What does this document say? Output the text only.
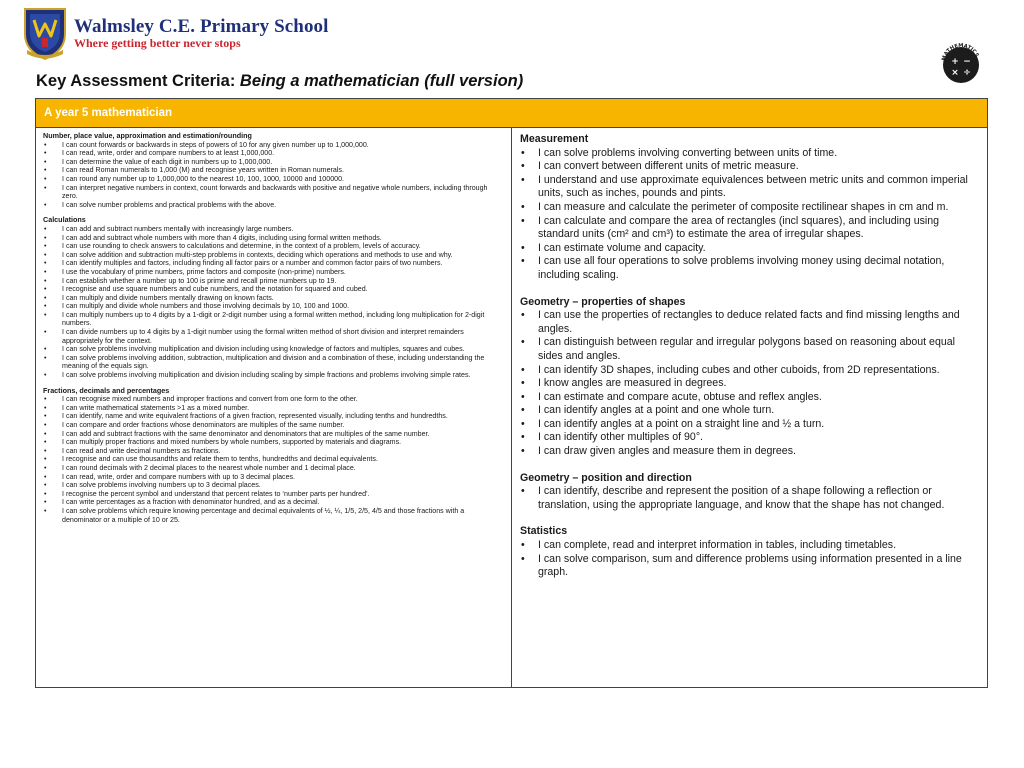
Walmsley C.E. Primary School
Where getting better never stops
MATHEMATICS
+ −
× ÷
Key Assessment Criteria: Being a mathematician (full version)
A year 5 mathematician
Number, place value, approximation and estimation/rounding
• I can count forwards or backwards in steps of powers of 10 for any given number up to 1,000,000.
• I can read, write, order and compare numbers to at least 1,000,000.
• I can determine the value of each digit in numbers up to 1,000,000.
• I can read Roman numerals to 1,000 (M) and recognise years written in Roman numerals.
• I can round any number up to 1,000,000 to the nearest 10, 100, 1000, 10000 and 100000.
• I can interpret negative numbers in context, count forwards and backwards with positive and negative whole numbers, including through zero.
• I can solve number problems and practical problems with the above.
Calculations
• I can add and subtract numbers mentally with increasingly large numbers.
• I can add and subtract whole numbers with more than 4 digits, including using formal written methods.
• I can use rounding to check answers to calculations and determine, in the context of a problem, levels of accuracy.
• I can solve addition and subtraction multi-step problems in contexts, deciding which operations and methods to use and why.
• I can identify multiples and factors, including finding all factor pairs or a number and common factor pairs of two numbers.
• I use the vocabulary of prime numbers, prime factors and composite (non-prime) numbers.
• I can establish whether a number up to 100 is prime and recall prime numbers up to 19.
• I recognise and use square numbers and cube numbers, and the notation for squared and cubed.
• I can multiply and divide numbers mentally drawing on known facts.
• I can multiply and divide whole numbers and those involving decimals by 10, 100 and 1000.
• I can multiply numbers up to 4 digits by a 1-digit or 2-digit number using a formal written method, including long multiplication for 2-digit numbers.
• I can divide numbers up to 4 digits by a 1-digit number using the formal written method of short division and interpret remainders appropriately for the context.
• I can solve problems involving multiplication and division including using knowledge of factors and multiples, squares and cubes.
• I can solve problems involving addition, subtraction, multiplication and division and a combination of these, including understanding the meaning of the equals sign.
• I can solve problems involving multiplication and division including scaling by simple fractions and problems involving simple rates.
Fractions, decimals and percentages
• I can recognise mixed numbers and improper fractions and convert from one form to the other.
• I can write mathematical statements >1 as a mixed number.
• I can identify, name and write equivalent fractions of a given fraction, represented visually, including tenths and hundredths.
• I can compare and order fractions whose denominators are multiples of the same number.
• I can add and subtract fractions with the same denominator and denominators that are multiples of the same number.
• I can multiply proper fractions and mixed numbers by whole numbers, supported by materials and diagrams.
• I can read and write decimal numbers as fractions.
• I recognise and can use thousandths and relate them to tenths, hundredths and decimal equivalents.
• I can round decimals with 2 decimal places to the nearest whole number and 1 decimal place.
• I can read, write, order and compare numbers with up to 3 decimal places.
• I can solve problems involving numbers up to 3 decimal places.
• I recognise the percent symbol and understand that percent relates to ‘number parts per hundred’.
• I can write percentages as a fraction with denominator hundred, and as a decimal.
• I can solve problems which require knowing percentage and decimal equivalents of ½, ¼, 1/5, 2/5, 4/5 and those fractions with a denominator or a multiple of 10 or 25.
Measurement
• I can solve problems involving converting between units of time.
• I can convert between different units of metric measure.
• I understand and use approximate equivalences between metric units and common imperial units, such as inches, pounds and pints.
• I can measure and calculate the perimeter of composite rectilinear shapes in cm and m.
• I can calculate and compare the area of rectangles (incl squares), and including using standard units (cm² and cm³) to estimate the area of irregular shapes.
• I can estimate volume and capacity.
• I can use all four operations to solve problems involving money using decimal notation, including scaling.
Geometry – properties of shapes
• I can use the properties of rectangles to deduce related facts and find missing lengths and angles.
• I can distinguish between regular and irregular polygons based on reasoning about equal sides and angles.
• I can identify 3D shapes, including cubes and other cuboids, from 2D representations.
• I know angles are measured in degrees.
• I can estimate and compare acute, obtuse and reflex angles.
• I can identify angles at a point and one whole turn.
• I can identify angles at a point on a straight line and ½ a turn.
• I can identify other multiples of 90°.
• I can draw given angles and measure them in degrees.
Geometry – position and direction
• I can identify, describe and represent the position of a shape following a reflection or translation, using the appropriate language, and know that the shape has not changed.
Statistics
• I can complete, read and interpret information in tables, including timetables.
• I can solve comparison, sum and difference problems using information presented in a line graph.
